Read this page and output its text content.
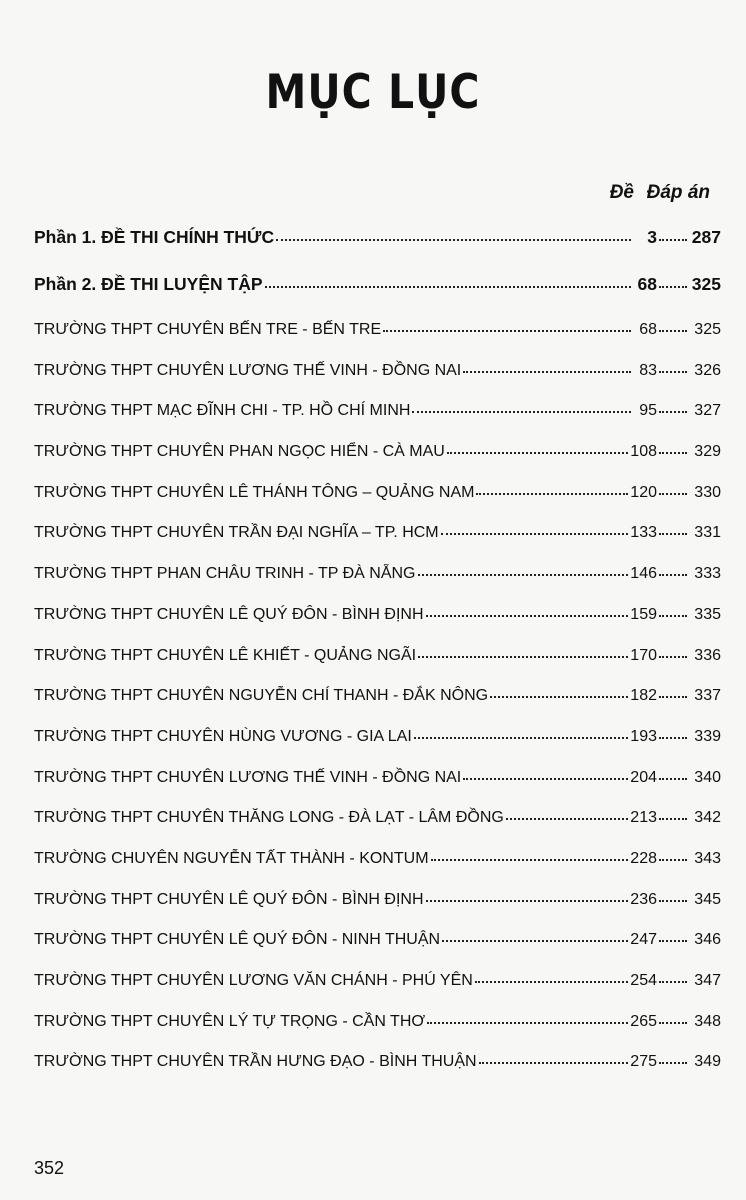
MỤC LỤC
Đề Đáp án
Phần 1. ĐỀ THI CHÍNH THỨC	3 287
Phần 2. ĐỀ THI LUYỆN TẬP	68 325
TRƯỜNG THPT CHUYÊN BẾN TRE - BẾN TRE	68	325
TRƯỜNG THPT CHUYÊN LƯƠNG THẾ VINH - ĐỒNG NAI	83	326
TRƯỜNG THPT MẠC ĐĨNH CHI - TP. HỒ CHÍ MINH	95	327
TRƯỜNG THPT CHUYÊN PHAN NGỌC HIỂN - CÀ MAU	108	329
TRƯỜNG THPT CHUYÊN LÊ THÁNH TÔNG – QUẢNG NAM	120	330
TRƯỜNG THPT CHUYÊN TRẦN ĐẠI NGHĨA – TP. HCM	133	331
TRƯỜNG THPT PHAN CHÂU TRINH - TP ĐÀ NẴNG	146	333
TRƯỜNG THPT CHUYÊN LÊ QUÝ ĐÔN - BÌNH ĐỊNH	159	335
TRƯỜNG THPT CHUYÊN LÊ KHIẾT - QUẢNG NGÃI	170	336
TRƯỜNG THPT CHUYÊN NGUYỄN CHÍ THANH - ĐẮK NÔNG	182	337
TRƯỜNG THPT CHUYÊN HÙNG VƯƠNG - GIA LAI	193	339
TRƯỜNG THPT CHUYÊN LƯƠNG THẾ VINH - ĐỒNG NAI	204	340
TRƯỜNG THPT CHUYÊN THĂNG LONG - ĐÀ LẠT - LÂM ĐỒNG	213	342
TRƯỜNG CHUYÊN NGUYỄN TẤT THÀNH - KONTUM	228	343
TRƯỜNG THPT CHUYÊN LÊ QUÝ ĐÔN - BÌNH ĐỊNH	236	345
TRƯỜNG THPT CHUYÊN LÊ QUÝ ĐÔN - NINH THUẬN	247	346
TRƯỜNG THPT CHUYÊN LƯƠNG VĂN CHÁNH - PHÚ YÊN	254	347
TRƯỜNG THPT CHUYÊN LÝ TỰ TRỌNG - CẦN THƠ	265	348
TRƯỜNG THPT CHUYÊN TRẦN HƯNG ĐẠO - BÌNH THUẬN	275	349
352
